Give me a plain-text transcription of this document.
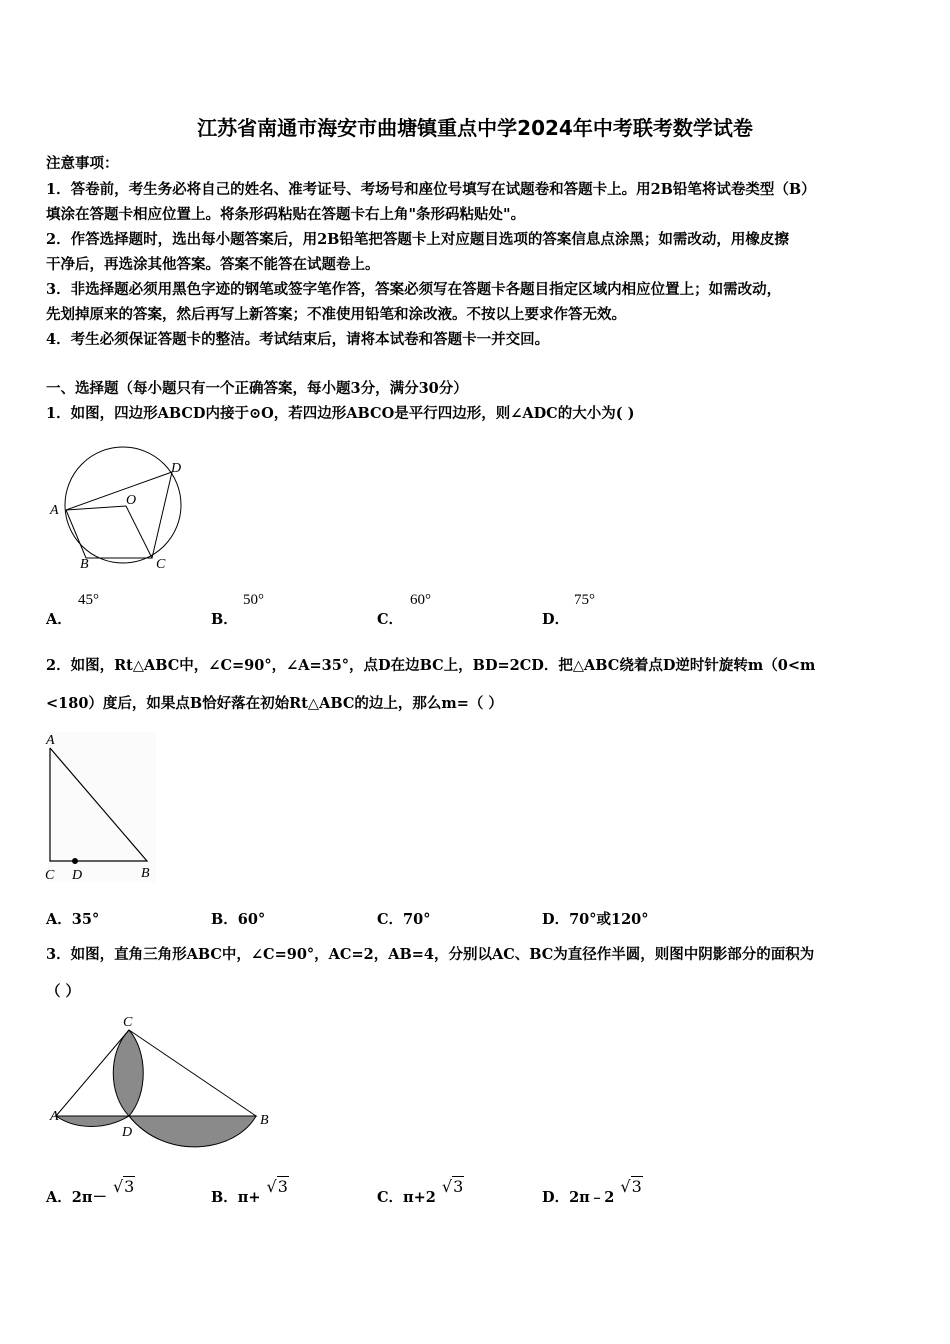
江苏省南通市海安市曲塘镇重点中学2024年中考联考数学试卷
注意事项：
1．答卷前，考生务必将自己的姓名、准考证号、考场号和座位号填写在试题卷和答题卡上。用2B铅笔将试卷类型（B）
填涂在答题卡相应位置上。将条形码粘贴在答题卡右上角"条形码粘贴处"。
2．作答选择题时，选出每小题答案后，用2B铅笔把答题卡上对应题目选项的答案信息点涂黑；如需改动，用橡皮擦
干净后，再选涂其他答案。答案不能答在试题卷上。
3．非选择题必须用黑色字迹的钢笔或签字笔作答，答案必须写在答题卡各题目指定区域内相应位置上；如需改动，
先划掉原来的答案，然后再写上新答案；不准使用铅笔和涂改液。不按以上要求作答无效。
4．考生必须保证答题卡的整洁。考试结束后，请将本试卷和答题卡一并交回。
一、选择题（每小题只有一个正确答案，每小题3分，满分30分）
1．如图，四边形ABCD内接于⊙O，若四边形ABCO是平行四边形，则∠ADC的大小为( )
A
B	C
D
O
A．
45°
B．
50°
C．
60°
D．
75°
2．如图，Rt△ABC中，∠C=90°，∠A=35°，点D在边BC上，BD=2CD．把△ABC绕着点D逆时针旋转m（0<m
<180）度后，如果点B恰好落在初始Rt△ABC的边上，那么m=（ ）
A
C D	B
A．35°	B．60°	C．70°	D．70°或120°
3．如图，直角三角形ABC中，∠C=90°，AC=2，AB=4，分别以AC、BC为直径作半圆，则图中阴影部分的面积为
（ ）
C
A
D
B
A．2π－√3
B．π+√3
C．π+2√3
D．2π﹣2√3
